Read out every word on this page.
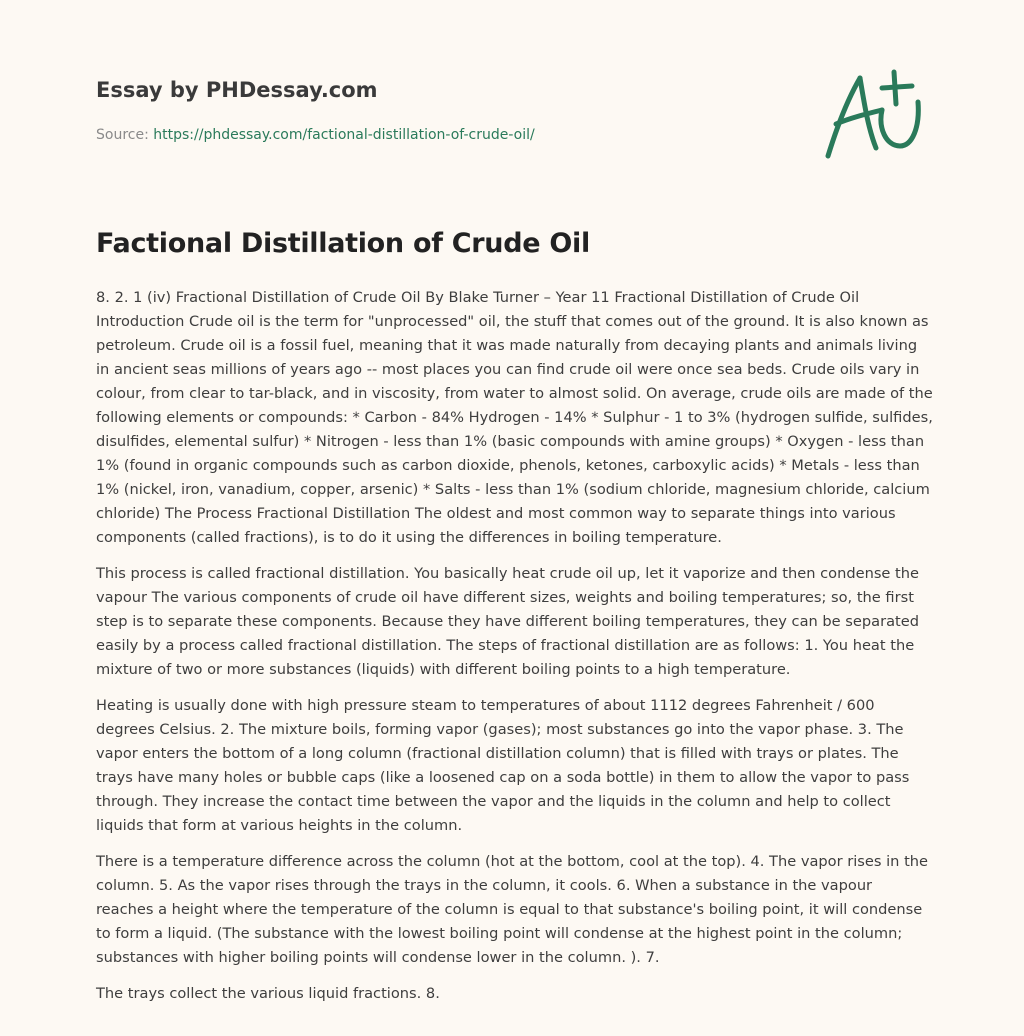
Essay by PHDessay.com
Source: https://phdessay.com/factional-distillation-of-crude-oil/
Factional Distillation of Crude Oil

8. 2. 1 (iv) Fractional Distillation of Crude Oil By Blake Turner – Year 11 Fractional Distillation of Crude Oil Introduction Crude oil is the term for "unprocessed" oil, the stuff that comes out of the ground. It is also known as petroleum. Crude oil is a fossil fuel, meaning that it was made naturally from decaying plants and animals living in ancient seas millions of years ago -- most places you can find crude oil were once sea beds. Crude oils vary in colour, from clear to tar-black, and in viscosity, from water to almost solid. On average, crude oils are made of the following elements or compounds: * Carbon - 84% Hydrogen - 14% * Sulphur - 1 to 3% (hydrogen sulfide, sulfides, disulfides, elemental sulfur) * Nitrogen - less than 1% (basic compounds with amine groups) * Oxygen - less than 1% (found in organic compounds such as carbon dioxide, phenols, ketones, carboxylic acids) * Metals - less than 1% (nickel, iron, vanadium, copper, arsenic) * Salts - less than 1% (sodium chloride, magnesium chloride, calcium chloride) The Process Fractional Distillation The oldest and most common way to separate things into various components (called fractions), is to do it using the differences in boiling temperature.

This process is called fractional distillation. You basically heat crude oil up, let it vaporize and then condense the vapour The various components of crude oil have different sizes, weights and boiling temperatures; so, the first step is to separate these components. Because they have different boiling temperatures, they can be separated easily by a process called fractional distillation. The steps of fractional distillation are as follows: 1. You heat the mixture of two or more substances (liquids) with different boiling points to a high temperature.

Heating is usually done with high pressure steam to temperatures of about 1112 degrees Fahrenheit / 600 degrees Celsius. 2. The mixture boils, forming vapor (gases); most substances go into the vapor phase. 3. The vapor enters the bottom of a long column (fractional distillation column) that is filled with trays or plates. The trays have many holes or bubble caps (like a loosened cap on a soda bottle) in them to allow the vapor to pass through. They increase the contact time between the vapor and the liquids in the column and help to collect liquids that form at various heights in the column.

There is a temperature difference across the column (hot at the bottom, cool at the top). 4. The vapor rises in the column. 5. As the vapor rises through the trays in the column, it cools. 6. When a substance in the vapour reaches a height where the temperature of the column is equal to that substance's boiling point, it will condense to form a liquid. (The substance with the lowest boiling point will condense at the highest point in the column; substances with higher boiling points will condense lower in the column. ). 7.

The trays collect the various liquid fractions. 8.
